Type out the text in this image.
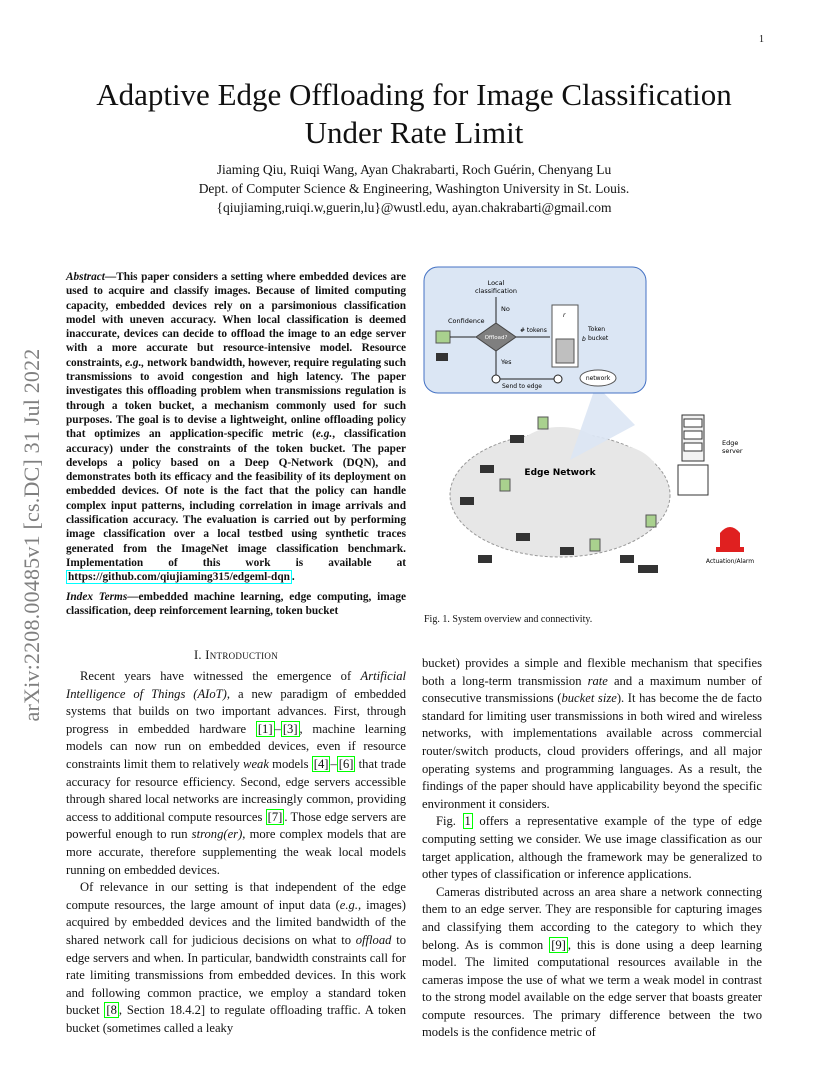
1
arXiv:2208.00485v1 [cs.DC] 31 Jul 2022
Adaptive Edge Offloading for Image Classification
Under Rate Limit
Jiaming Qiu, Ruiqi Wang, Ayan Chakrabarti, Roch Guérin, Chenyang Lu
Dept. of Computer Science & Engineering, Washington University in St. Louis.
{qiujiaming,ruiqi.w,guerin,lu}@wustl.edu, ayan.chakrabarti@gmail.com
Abstract—This paper considers a setting where embedded devices are used to acquire and classify images. Because of limited computing capacity, embedded devices rely on a parsimonious classification model with uneven accuracy. When local classification is deemed inaccurate, devices can decide to offload the image to an edge server with a more accurate but resource-intensive model. Resource constraints, e.g., network bandwidth, however, require regulating such transmissions to avoid congestion and high latency. The paper investigates this offloading problem when transmissions regulation is through a token bucket, a mechanism commonly used for such purposes. The goal is to devise a lightweight, online offloading policy that optimizes an application-specific metric (e.g., classification accuracy) under the constraints of the token bucket. The paper develops a policy based on a Deep Q-Network (DQN), and demonstrates both its efficacy and the feasibility of its deployment on embedded devices. Of note is the fact that the policy can handle complex input patterns, including correlation in image arrivals and classification accuracy. The evaluation is carried out by performing image classification over a local testbed using synthetic traces generated from the ImageNet image classification benchmark. Implementation of this work is available at https://github.com/qiujiaming315/edgeml-dqn .
Index Terms—embedded machine learning, edge computing, image classification, deep reinforcement learning, token bucket
I. Introduction

Recent years have witnessed the emergence of Artificial Intelligence of Things (AIoT), a new paradigm of embedded systems that builds on two important advances. First, through progress in embedded hardware [1] – [3] , machine learning models can now run on embedded devices, even if resource constraints limit them to relatively weak models [4] – [6] that trade accuracy for resource efficiency. Second, edge servers accessible through shared local networks are increasingly common, providing access to additional compute resources [7] . Those edge servers are powerful enough to run strong(er), more complex models that are more accurate, therefore supplementing the weak local models running on embedded devices.

Of relevance in our setting is that independent of the edge compute resources, the large amount of input data (e.g., images) acquired by embedded devices and the limited bandwidth of the shared network call for judicious decisions on what to offload to edge servers and when. In particular, bandwidth constraints call for rate limiting transmissions from embedded devices. In this work and following common practice, we employ a standard token bucket [8 , Section 18.4.2] to regulate offloading traffic. A token bucket (sometimes called a leaky

bucket) provides a simple and flexible mechanism that specifies both a long-term transmission rate and a maximum number of consecutive transmissions (bucket size). It has become the de facto standard for limiting user transmissions in both wired and wireless networks, with implementations available across commercial router/switch products, cloud providers offerings, and all major operating systems and programming languages. As a result, the findings of the paper should have applicability beyond the specific environment it considers.

Fig. 1 offers a representative example of the type of edge computing setting we consider. We use image classification as our target application, although the framework may be generalized to other types of classification or inference applications.

Cameras distributed across an area share a network connecting them to an edge server. They are responsible for capturing images and classifying them according to the category to which they belong. As is common [9] , this is done using a deep learning model. The limited computational resources available in the cameras impose the use of what we term a weak model in contrast to the strong model available on the edge server that boasts greater compute resources. The primary difference between the two models is the confidence metric of

Local
classification
No
Confidence
Offload?
# tokens
r
b
Token
bucket
Yes
Send to edge
network
Edge Network
Edge
server
Actuation/Alarm
Fig. 1. System overview and connectivity.
